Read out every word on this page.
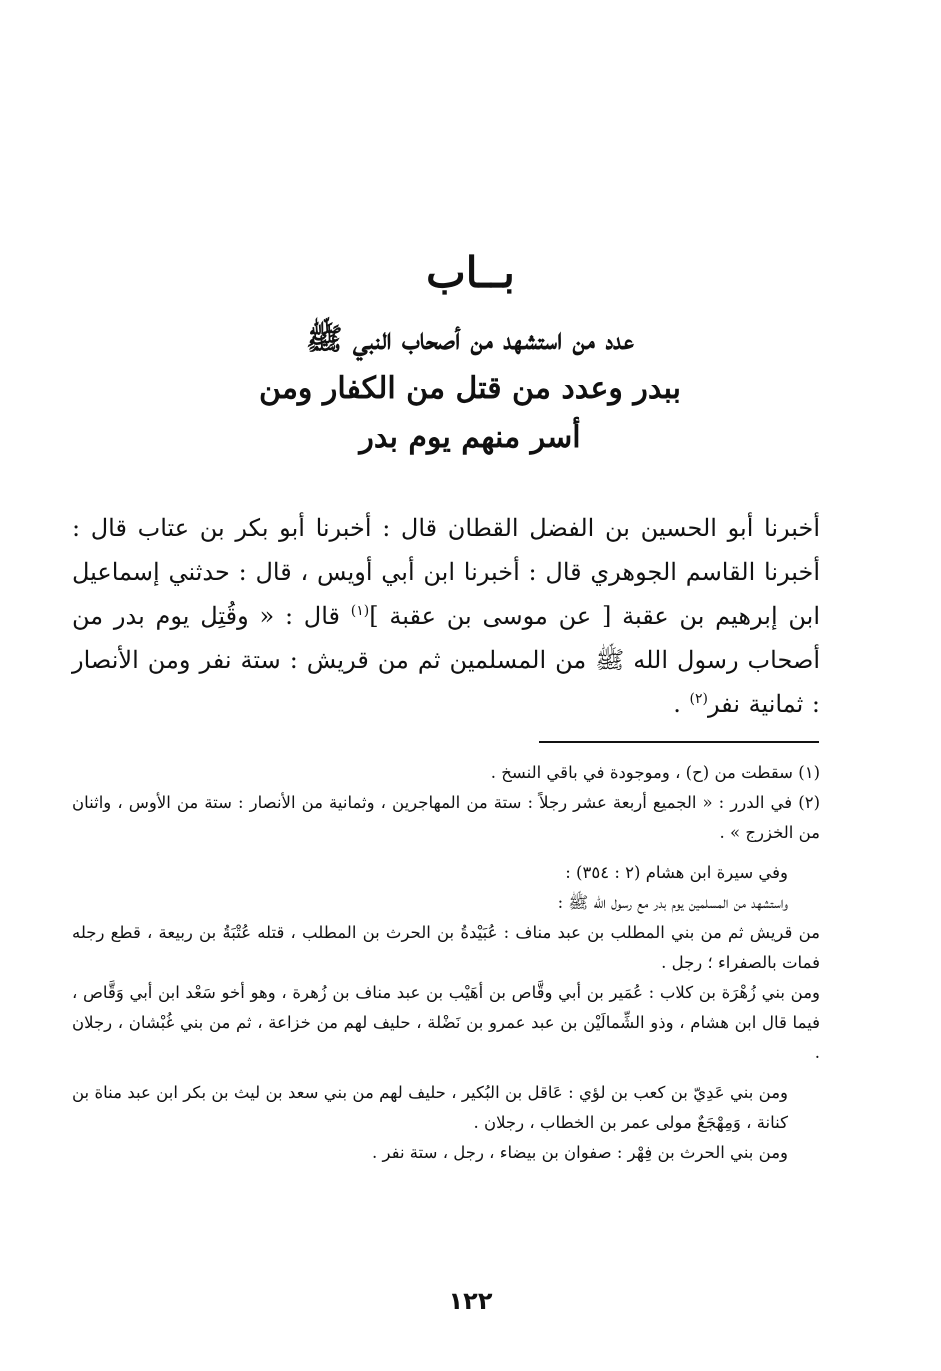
بــاب
عدد من استشهد من أصحاب النبي ﷺ
ببدر وعدد من قتل من الكفار ومن
أسر منهم يوم بدر

أخبرنا أبو الحسين بن الفضل القطان قال : أخبرنا أبو بكر بن عتاب قال : أخبرنا القاسم الجوهري قال : أخبرنا ابن أبي أويس ، قال : حدثني إسماعيل ابن إبرهيم بن عقبة [ عن موسى بن عقبة ]$^{(١)}$ قال : « وقُتِل يوم بدر من أصحاب رسول الله ﷺ من المسلمين ثم من قريش : ستة نفر ومن الأنصار : ثمانية نفر$^{(٢)}$ .

(١) سقطت من (ح) ، وموجودة في باقي النسخ .

(٢) في الدرر : « الجميع أربعة عشر رجلاً : ستة من المهاجرين ، وثمانية من الأنصار : ستة من الأوس ، واثنان من الخزرج » .

وفي سيرة ابن هشام (٢ : ٣٥٤) :

واستشهد من المسلمين يوم بدر مع رسول الله ﷺ :

من قريش ثم من بني المطلب بن عبد مناف : عُبَيْدةُ بن الحرث بن المطلب ، قتله عُتْبَةُ بن ربيعة ، قطع رجله فمات بالصفراء ؛ رجل .

ومن بني زُهْرَة بن كلاب : عُمَير بن أبي وقَّاص بن أهَيْب بن عبد مناف بن زُهرة ، وهو أخو سَعْد ابن أبي وَقَّاص ، فيما قال ابن هشام ، وذو الشِّمالَيْن بن عبد عمرو بن نَضْلة ، حليف لهم من خزاعة ، ثم من بني غُبْشان ، رجلان .

ومن بني عَدِيّ بن كعب بن لؤي : عَاقل بن البُكير ، حليف لهم من بني سعد بن ليث بن بكر ابن عبد مناة بن كنانة ، وَمِهْجَعٌ مولى عمر بن الخطاب ، رجلان .

ومن بني الحرث بن فِهْر : صفوان بن بيضاء ، رجل ، ستة نفر .

١٢٢
